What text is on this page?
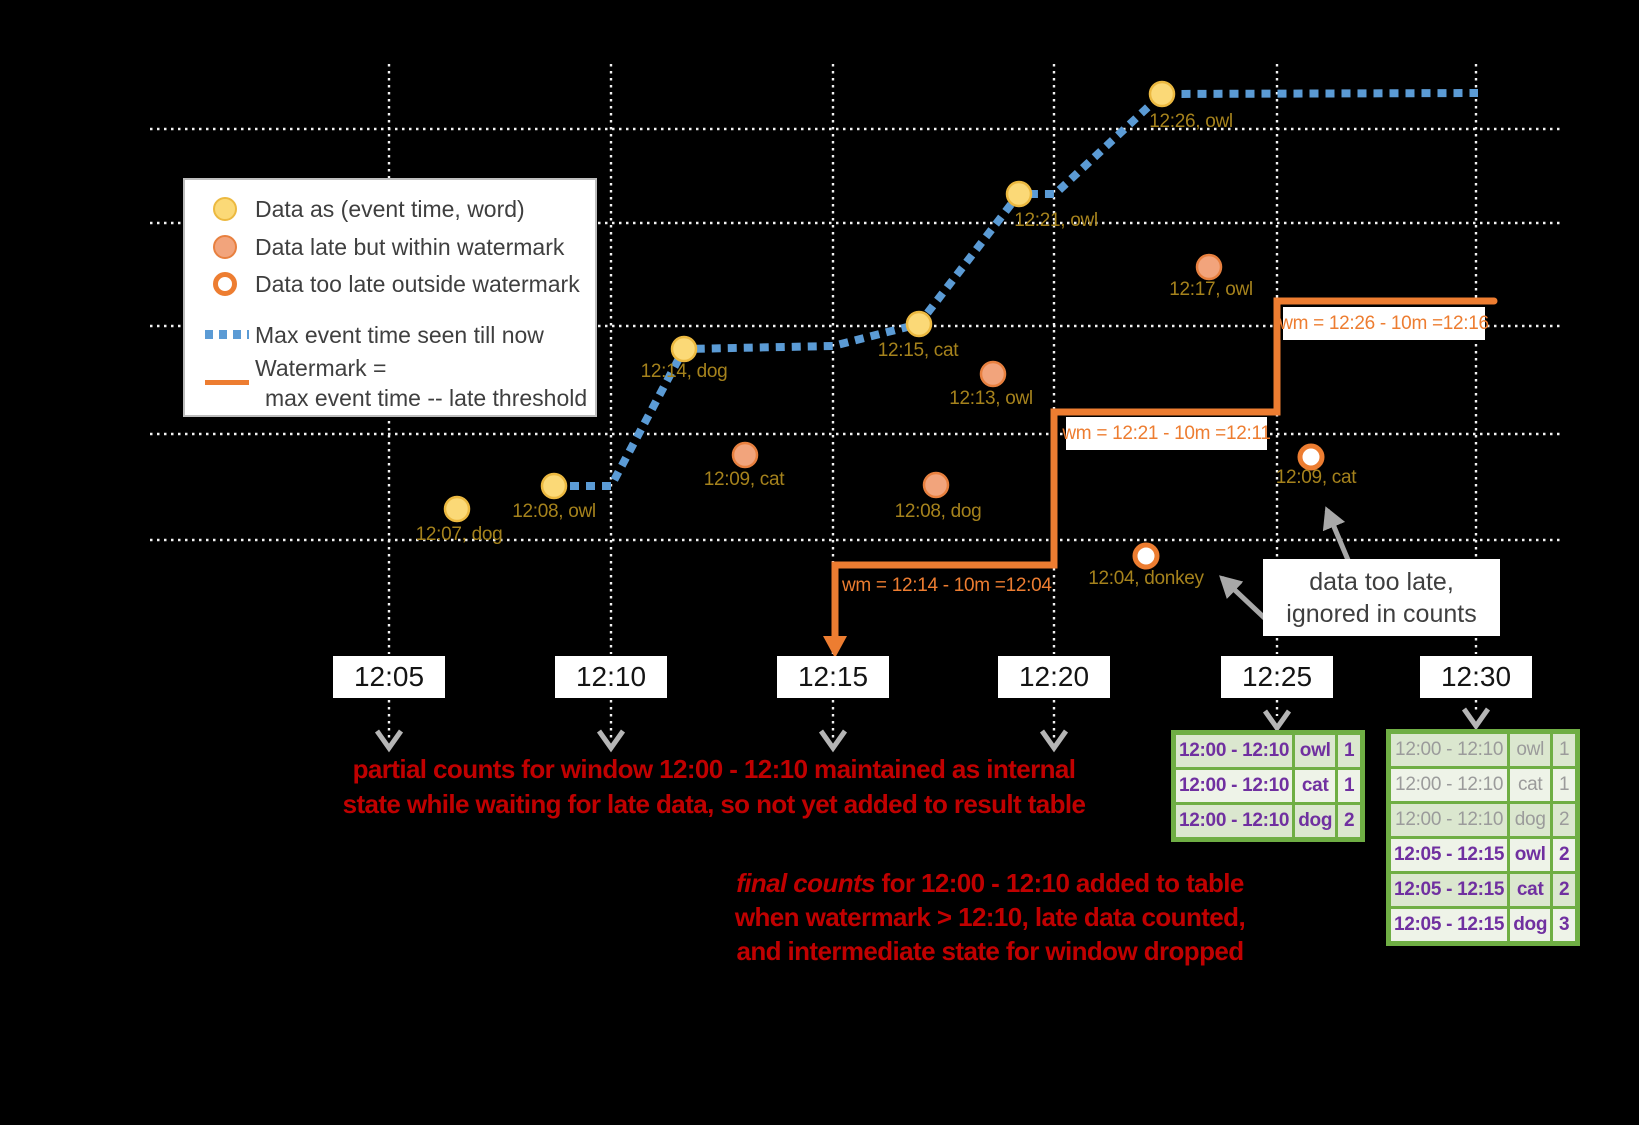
Data as (event time, word)
Data late but within watermark
Data too late outside watermark
Max event time seen till now
Watermark =
max event time -- late threshold
12:07, dog
12:08, owl
12:09, cat
12:08, dog
12:14, dog
12:15, cat
12:13, owl
12:21, owl
12:26, owl
12:17, owl
12:04, donkey
12:09, cat
wm = 12:14 - 10m =12:04
wm = 12:21 - 10m =12:11
wm = 12:26 - 10m =12:16
12:05	12:10	12:15	12:20	12:25	12:30
data too late,
ignored in counts
partial counts for window 12:00 - 12:10 maintained as internal
state while waiting for late data, so not yet added to result table
final counts for 12:00 - 12:10 added to table
when watermark > 12:10, late data counted,
and intermediate state for window dropped
12:00 - 12:10	owl	1
12:00 - 12:10	cat	1
12:00 - 12:10	dog	2
12:00 - 12:10	owl	1
12:00 - 12:10	cat	1
12:00 - 12:10	dog	2
12:05 - 12:15	owl	2
12:05 - 12:15	cat	2
12:05 - 12:15	dog	3
